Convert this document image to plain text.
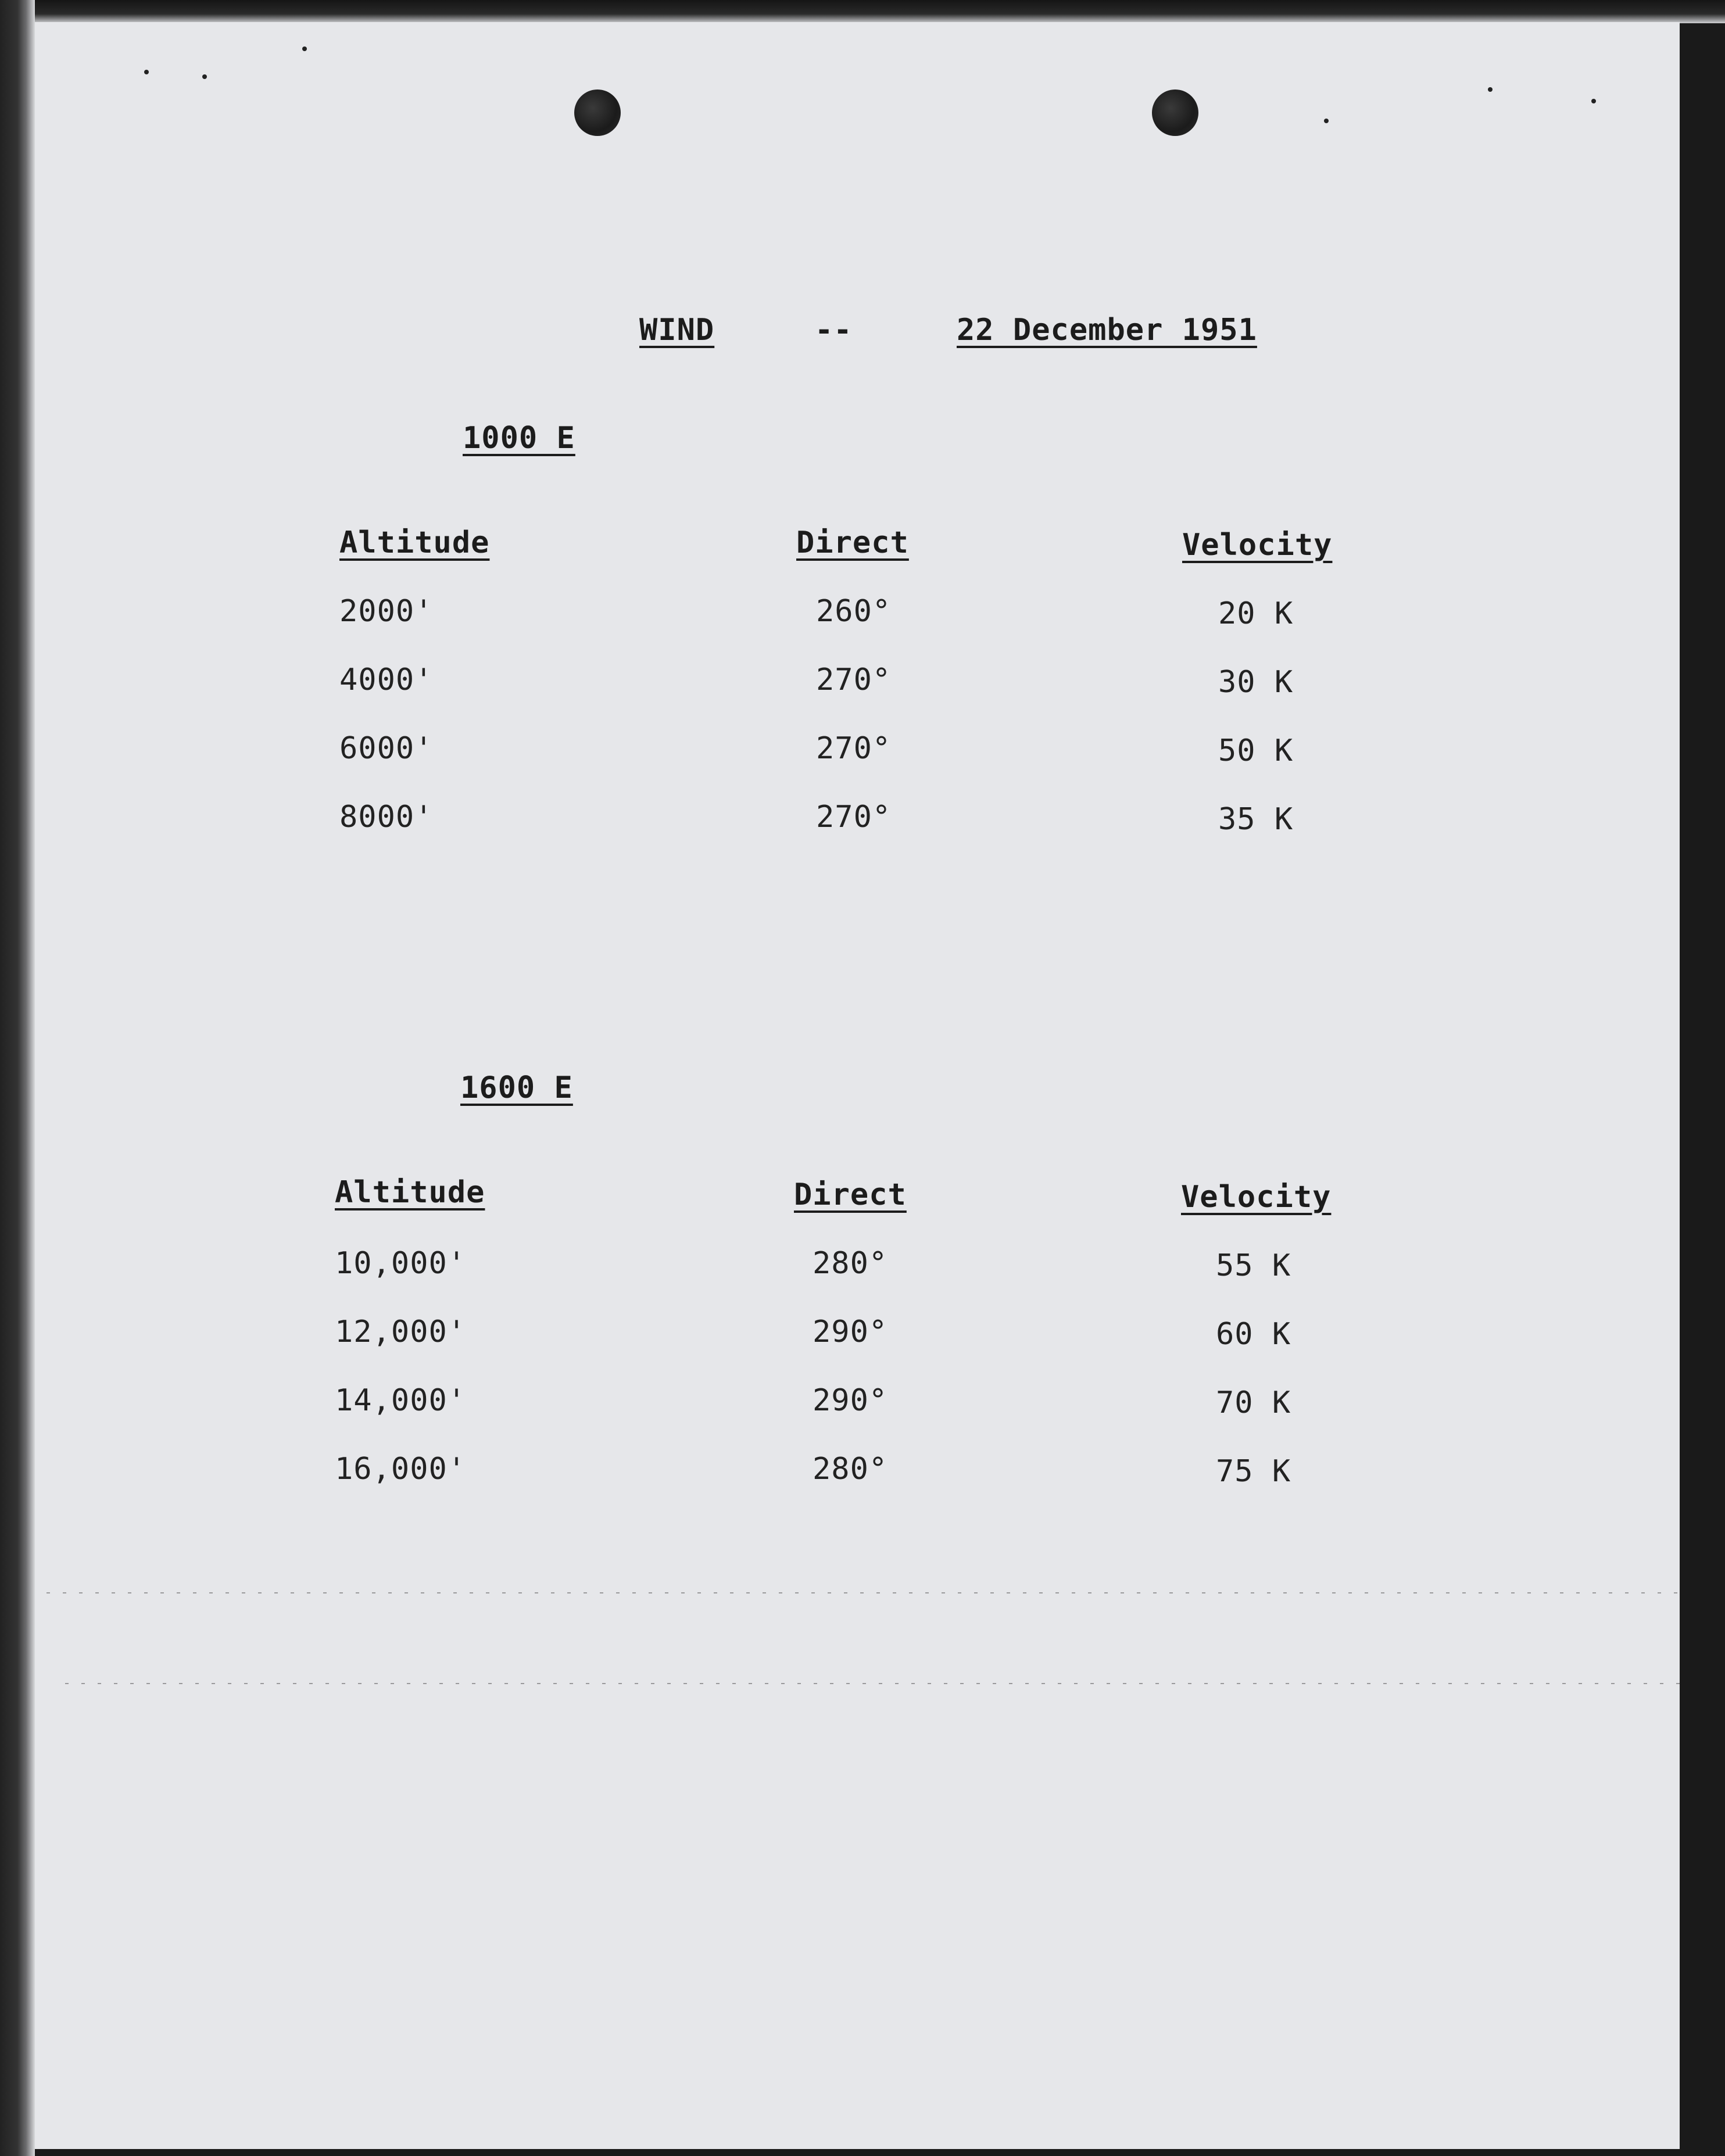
WIND	--	22 December 1951
1000 E
Altitude	Direct	Velocity
2000'	260°	20 K
4000'	270°	30 K
6000'	270°	50 K
8000'	270°	35 K
1600 E
Altitude	Direct	Velocity
10,000'	280°	55 K
12,000'	290°	60 K
14,000'	290°	70 K
16,000'	280°	75 K
